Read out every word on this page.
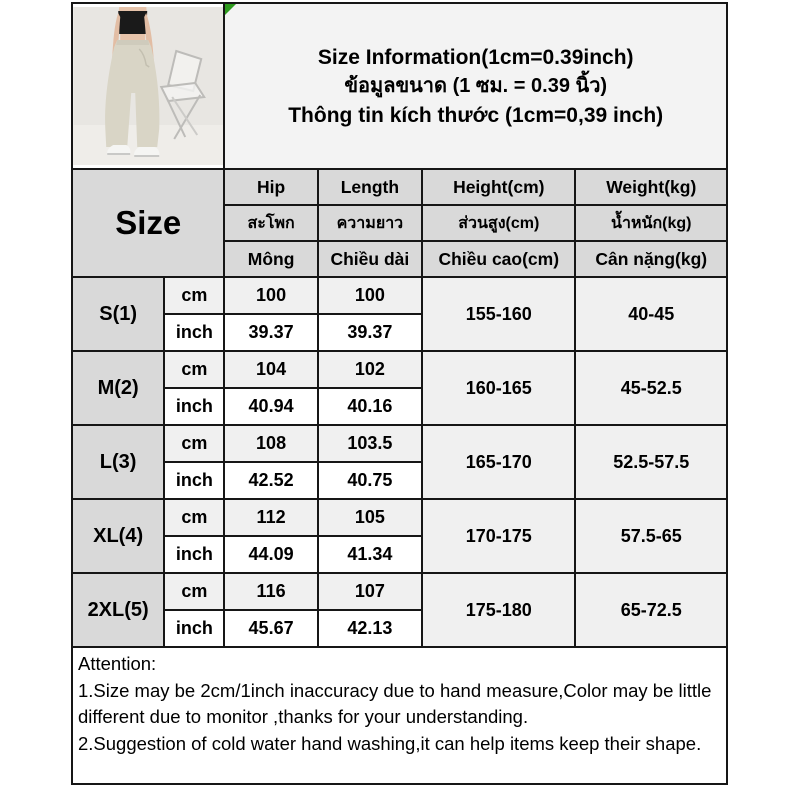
Size Information(1cm=0.39inch)
ข้อมูลขนาด (1 ซม. = 0.39 นิ้ว)
Thông tin kích thước (1cm=0,39 inch)			

Size		Hip	Length	Height(cm)	Weight(kg)
		สะโพก	ความยาว	ส่วนสูง(cm)	น้ำหนัก(kg)
		Mông	Chiều dài	Chiều cao(cm)	Cân nặng(kg)
S(1)	cm	100	100	155-160	40-45
	inch	39.37	39.37		
M(2)	cm	104	102	160-165	45-52.5
	inch	40.94	40.16		
L(3)	cm	108	103.5	165-170	52.5-57.5
	inch	42.52	40.75		
XL(4)	cm	112	105	170-175	57.5-65
	inch	44.09	41.34		
2XL(5)	cm	116	107	175-180	65-72.5
	inch	45.67	42.13		
Attention:
1.Size may be 2cm/1inch inaccuracy due to hand measure,Color may be little
different due to monitor ,thanks for your understanding.
2.Suggestion of cold water hand washing,it can help items keep their shape.
